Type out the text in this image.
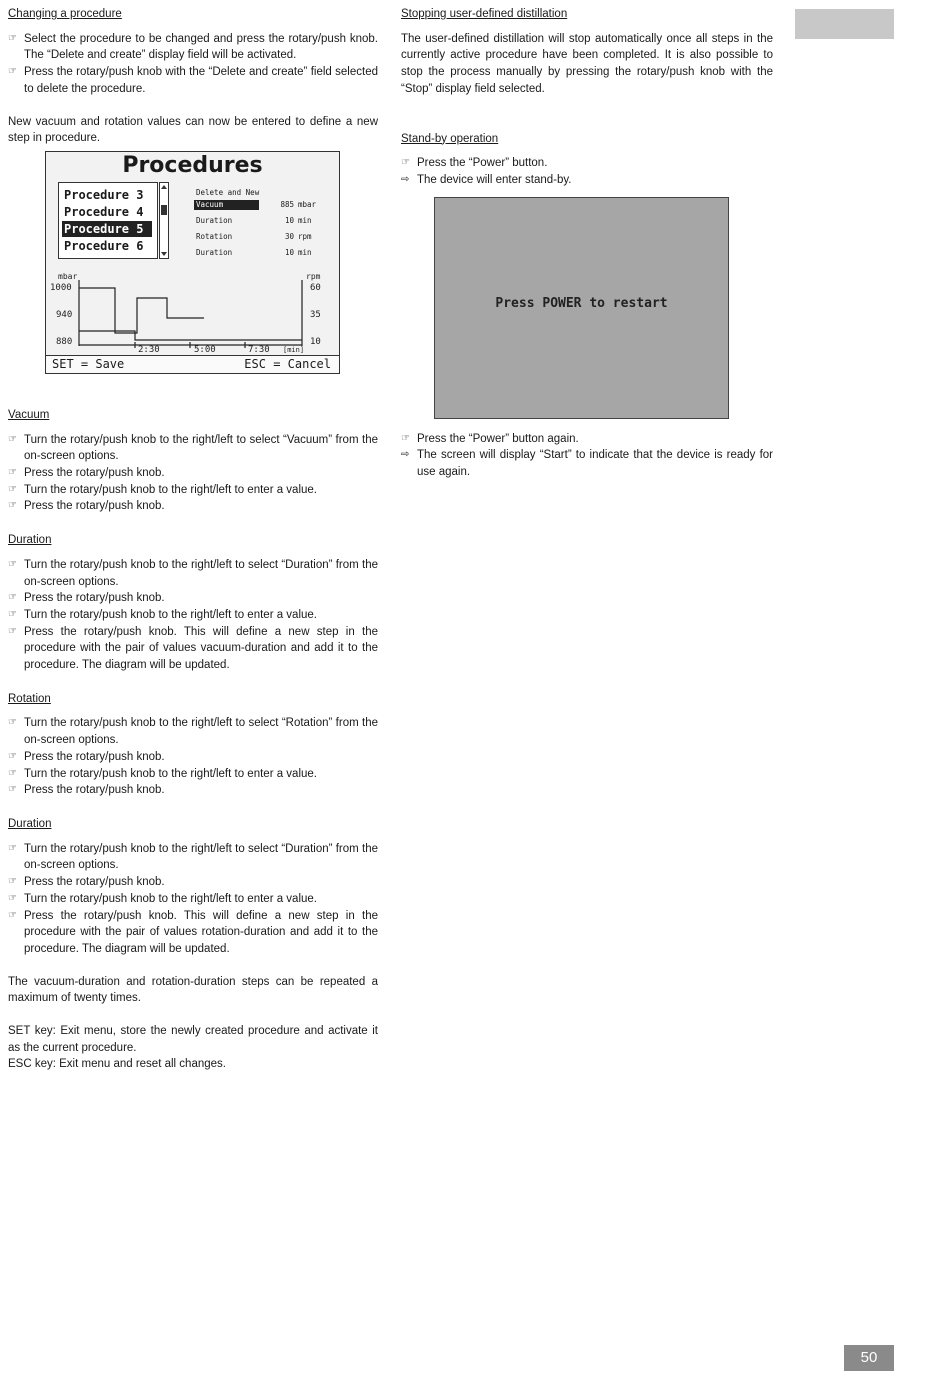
Changing a procedure
☞ Select the procedure to be changed and press the rotary/push knob. The “Delete and create” display field will be activated.
☞ Press the rotary/push knob with the “Delete and create” field selected to delete the procedure.

New vacuum and rotation values can now be entered to define a new step in procedure.

Procedures
Procedure 3
Procedure 4
Procedure 5
Procedure 6
Delete and New
Vacuum	885 mbar
Duration	10 min
Rotation	30 rpm
Duration	10 min
mbar	rpm
1000
940
880
60
35
10
2:30	5:00	7:30 [min]
SET = Save	ESC = Cancel
Vacuum
☞ Turn the rotary/push knob to the right/left to select “Vacuum” from the on-screen options.
☞ Press the rotary/push knob.
☞ Turn the rotary/push knob to the right/left to enter a value.
☞ Press the rotary/push knob.
Duration
☞ Turn the rotary/push knob to the right/left to select “Duration” from the on-screen options.
☞ Press the rotary/push knob.
☞ Turn the rotary/push knob to the right/left to enter a value.
☞ Press the rotary/push knob. This will define a new step in the procedure with the pair of values vacuum-duration and add it to the procedure. The diagram will be updated.
Rotation
☞ Turn the rotary/push knob to the right/left to select “Rotation” from the on-screen options.
☞ Press the rotary/push knob.
☞ Turn the rotary/push knob to the right/left to enter a value.
☞ Press the rotary/push knob.
Duration
☞ Turn the rotary/push knob to the right/left to select “Duration” from the on-screen options.
☞ Press the rotary/push knob.
☞ Turn the rotary/push knob to the right/left to enter a value.
☞ Press the rotary/push knob. This will define a new step in the procedure with the pair of values rotation-duration and add it to the procedure. The diagram will be updated.

The vacuum-duration and rotation-duration steps can be repeated a maximum of twenty times.

SET key: Exit menu, store the newly created procedure and activate it as the current procedure.

ESC key: Exit menu and reset all changes.

Stopping user-defined distillation

The user-defined distillation will stop automatically once all steps in the currently active procedure have been completed. It is also possible to stop the process manually by pressing the rotary/push knob with the “Stop” display field selected.

Stand-by operation
☞ Press the “Power” button.
⇨ The device will enter stand-by.
Press POWER to restart
☞ Press the “Power” button again.
⇨ The screen will display “Start” to indicate that the device is ready for use again.
50
